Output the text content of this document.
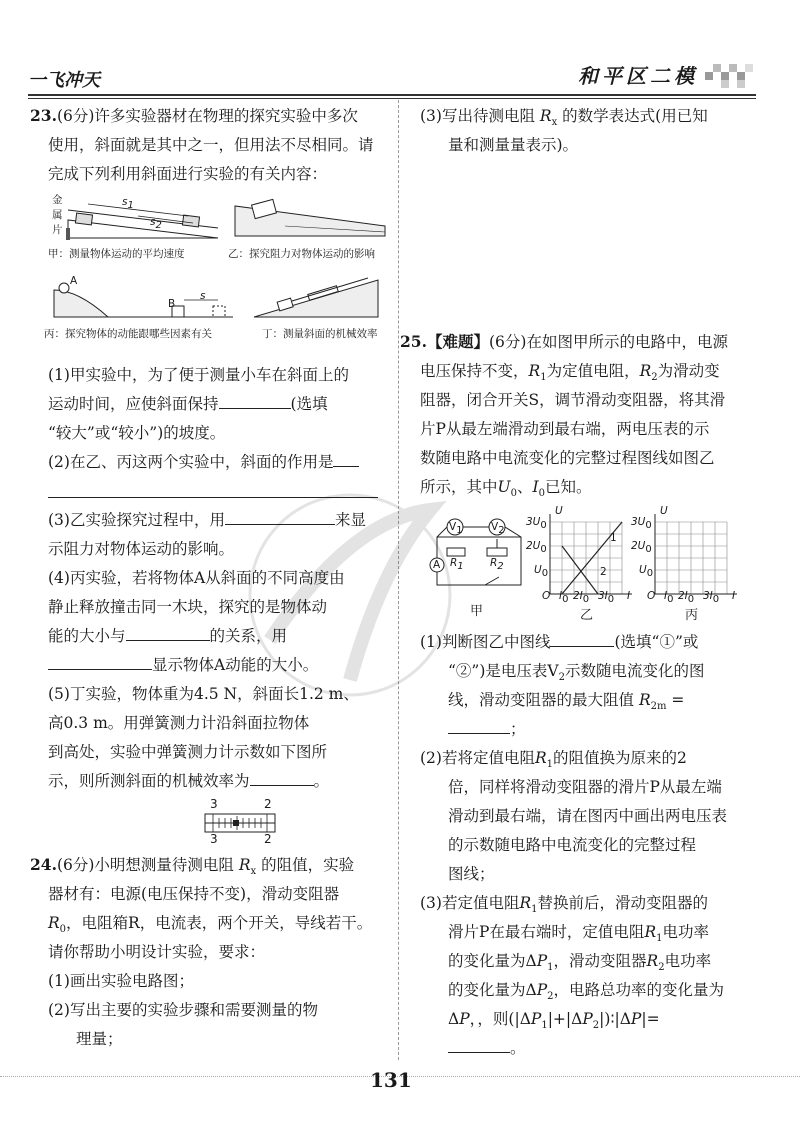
一飞冲天	和平区二模
23.(6分)许多实验器材在物理的探究实验中多次
使用，斜面就是其中之一，但用法不尽相同。请
完成下列利用斜面进行实验的有关内容：
金
属
片
$s_1$
$s_2$
甲：测量物体运动的平均速度	乙：探究阻力对物体运动的影响
A
B
s
丙：探究物体的动能跟哪些因素有关	丁：测量斜面的机械效率
(1)甲实验中，为了便于测量小车在斜面上的
运动时间，应使斜面保持	(选填
“较大”或“较小”)的坡度。
(2)在乙、丙这两个实验中，斜面的作用是
(3)乙实验探究过程中，用	来显
示阻力对物体运动的影响。
(4)丙实验，若将物体A从斜面的不同高度由
静止释放撞击同一木块，探究的是物体动
能的大小与	的关系，用
显示物体A动能的大小。
(5)丁实验，物体重为4.5 N，斜面长1.2 m、
高0.3 m。用弹簧测力计沿斜面拉物体
到高处，实验中弹簧测力计示数如下图所
示，则所测斜面的机械效率为	。
3	2
3	2
24.(6分)小明想测量待测电阻 $R_x$ 的阻值，实验
器材有：电源(电压保持不变)，滑动变阻器
$R_0$，电阻箱R，电流表，两个开关，导线若干。
请你帮助小明设计实验，要求：
(1)画出实验电路图；
(2)写出主要的实验步骤和需要测量的物
理量；
(3)写出待测电阻 $R_x$ 的数学表达式(用已知
量和测量量表示)。
25.【难题】(6分)在如图甲所示的电路中，电源
电压保持不变，$R_1$为定值电阻，$R_2$为滑动变
阻器，闭合开关S，调节滑动变阻器，将其滑
片P从最左端滑动到最右端，两电压表的示
数随电路中电流变化的完整过程图线如图乙
所示，其中$U_0$、$I_0$已知。
$V_1$	$V_2$
$R_1$	$R_2$
A
甲
U
$3U_0$
$2U_0$
$U_0$
O $I_0$ $2I_0$ $3I_0$ I
1
2
乙
U
$3U_0$
$2U_0$
$U_0$
O $I_0$ $2I_0$ $3I_0$ I
丙
(1)判断图乙中图线	(选填“①”或
“②”)是电压表$V_2$示数随电流变化的图
线，滑动变阻器的最大阻值 $R_{2m}$ =
；
(2)若将定值电阻$R_1$的阻值换为原来的2
倍，同样将滑动变阻器的滑片P从最左端
滑动到最右端，请在图丙中画出两电压表
的示数随电路中电流变化的完整过程
图线；
(3)若定值电阻$R_1$替换前后，滑动变阻器的
滑片P在最右端时，定值电阻$R_1$电功率
的变化量为$\Delta P_1$，滑动变阻器$R_2$电功率
的变化量为$\Delta P_2$，电路总功率的变化量为
ΔP，，则$(|\Delta P_1|+|\Delta P_2|)∶|\Delta P|=$
。
131
